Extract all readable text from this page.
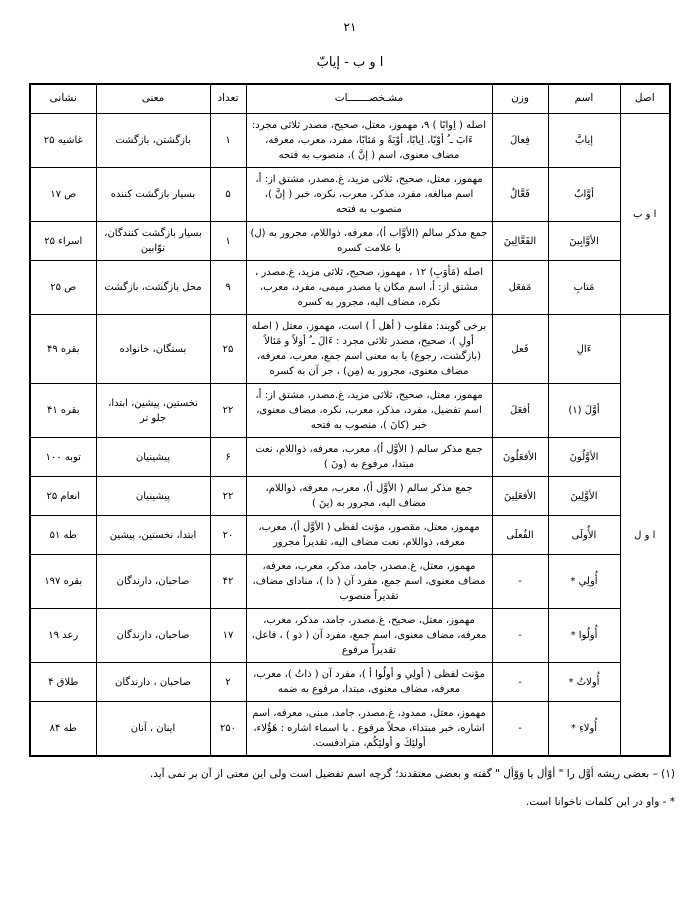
۲۱
ا و ب - إيابّ
اصل	اسم	وزن	مشـخصـــــــات	تعداد	معنی	نشانی
ا و ب	إيابَّ	فِعالَ	اصله ( اِوابًا ) ۹، مهموز، معتل، صحیح، مصدر ثلاثی مجرد: ءَابَ ـ ُ أوْبًا، اِيابًا، أوْبَةً و مَئابًا، مفرد، معرب، معرفه، مضاف معنوی، اسم ( إنَّ )، منصوب به فتحه	۱	بازگشتن، بازگشت	غاشیه ۲۵
	أوَّابٌ	فَعَّالٌ	مهموز، معتل، صحیح، ثلاثی مزید، غ.مصدر، مشتق از: أ، اسم مبالغه، مفرد، مذکر، معرب، نکره، خبر ( إنَّ )، منصوب به فتحه	۵	بسیار بازگشت کننده	ص ۱۷
	الأوَّابِينَ	الفَعَّالِينَ	جمع مذکر سالم (الأوَّاب أ)، معرفه، ذواللام، مجرور به (ل) با علامت کسره	۱	بسیار بازگشت کنندگان، توّابین	اسراء ۲۵
	مَتابِ	مَفعَل	اصله (مَأوَبِ) ۱۲ ، مهموز، صحیح، ثلاثی مزید، غ.مصدر ، مشتق از: أ، اسم مکان یا مصدر میمی، مفرد، معرب، نکره، مضاف الیه، مجرور به کسره	۹	محل بازگشت، بازگشت	ص ۲۵
ا و ل	ءَالِ	فَعل	برخی گویند: مقلوب ( أهل أ ) است، مهموز، معتل ( اصله أولِ )، صحیح، مصدر ثلاثی مجرد : ءَالَ ـ ُ أولاً و مَئالاً (بازگشت، رجوع) یا به معنی اسم جمع، معرب، معرفه، مضاف معنوی، مجرور به (مِن) ، جر آن به کسره	۲۵	بستگان، خانواده	بقره ۴۹
	أوَّلَ (۱)	أفعَلَ	مهموز، معتل، صحیح، ثلاثی مزید، غ.مصدر، مشتق از: أ، اسم تفضیل، مفرد، مذکر، معرب، نکره، مضاف معنوی، خبر (کانَ )، منصوب به فتحه	۲۲	نخستین، پیشین، ابتدا، جلو تر	بقره ۴۱
	الأوَّلُونَ	الأفعَلُونَ	جمع مذکر سالم ( الأوَّل أ)، معرب، معرفه، ذواللام، نعت مبتدا، مرفوع به (ونَ )	۶	پیشینیان	توبه ۱۰۰
	الأوَّلِينَ	الأفعَلِينَ	جمع مذکر سالم ( الأوَّل أ)، معرب، معرفه، ذواللام، مضاف الیه، مجرور به (ینَ )	۲۲	پیشینیان	انعام ۲۵
	الأُولَى	الفُعلَى	مهموز، معتل، مقصور، مؤنث لفظی ( الأوَّل أ)، معرب، معرفه، ذواللام، نعت مضاف الیه، تقدیراً مجرور	۲۰	ابتدا، نخستین، پیشین	طه ۵۱
	أُولِي *	-	مهموز، معتل، غ.مصدر، جامد، مذکر، معرب، معرفه، مضاف معنوی، اسم جمع، مفرد آن ( ذا )، منادای مضاف، تقدیراً منصوب	۴۲	صاحبان، دارندگان	بقره ۱۹۷
	أُولُوا *	-	مهموز، معتل، صحیح، غ.مصدر، جامد، مذکر، معرب، معرفه، مضاف معنوی، اسم جمع، مفرد آن ( ذو ) ، فاعل، تقدیراً مرفوع	۱۷	صاحبان، دارندگان	رعد ۱۹
	أُولاتُ *	-	مؤنث لفظی ( أولِي و أولُوا أ )، مفرد آن ( ذاتُ )، معرب، معرفه، مضاف معنوی، مبتدا، مرفوع به ضمه	۲	صاحبان ، دارندگان	طلاق ۴
	أُولاءِ *	-	مهموز، معتل، ممدود، غ.مصدر، جامد، مبنی، معرفه، اسم اشاره، خبر مبتداء، محلاً مرفوع . با اسماء اشاره : هَؤُلاء، أولئِكَ و أولئِكُم، مترادفست.	۲۵۰	اینان ، آنان	طه ۸۴
(۱) – بعضی ریشه أوَّل را " أوْأل یا وَوْأل " گفته و بعضی معتقدند؛ گرچه اسم تفضیل است ولی این معنی از آن بر نمی آید.
* - واو در این کلمات ناخوانا است.
